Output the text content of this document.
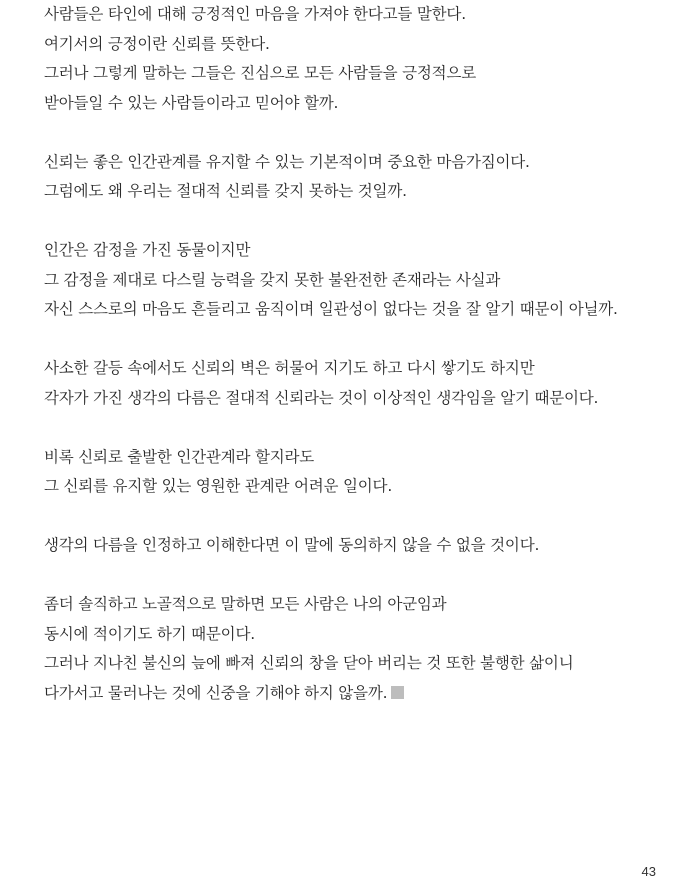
사람들은 타인에 대해 긍정적인 마음을 가져야 한다고들 말한다.
여기서의 긍정이란 신뢰를 뜻한다.
그러나 그렇게 말하는 그들은 진심으로 모든 사람들을 긍정적으로
받아들일 수 있는 사람들이라고 믿어야 할까.
신뢰는 좋은 인간관계를 유지할 수 있는 기본적이며 중요한 마음가짐이다.
그럼에도 왜 우리는 절대적 신뢰를 갖지 못하는 것일까.
인간은 감정을 가진 동물이지만
그 감정을 제대로 다스릴 능력을 갖지 못한 불완전한 존재라는 사실과
자신 스스로의 마음도 흔들리고 움직이며 일관성이 없다는 것을 잘 알기 때문이 아닐까.
사소한 갈등 속에서도 신뢰의 벽은 허물어 지기도 하고 다시 쌓기도 하지만
각자가 가진 생각의 다름은 절대적 신뢰라는 것이 이상적인 생각임을 알기 때문이다.
비록 신뢰로 출발한 인간관계라 할지라도
그 신뢰를 유지할 있는 영원한 관계란 어려운 일이다.
생각의 다름을 인정하고 이해한다면 이 말에 동의하지 않을 수 없을 것이다.
좀더 솔직하고 노골적으로 말하면 모든 사람은 나의 아군임과
동시에 적이기도 하기 때문이다.
그러나 지나친 불신의 늪에 빠져 신뢰의 창을 닫아 버리는 것 또한 불행한 삶이니
다가서고 물러나는 것에 신중을 기해야 하지 않을까.
43
